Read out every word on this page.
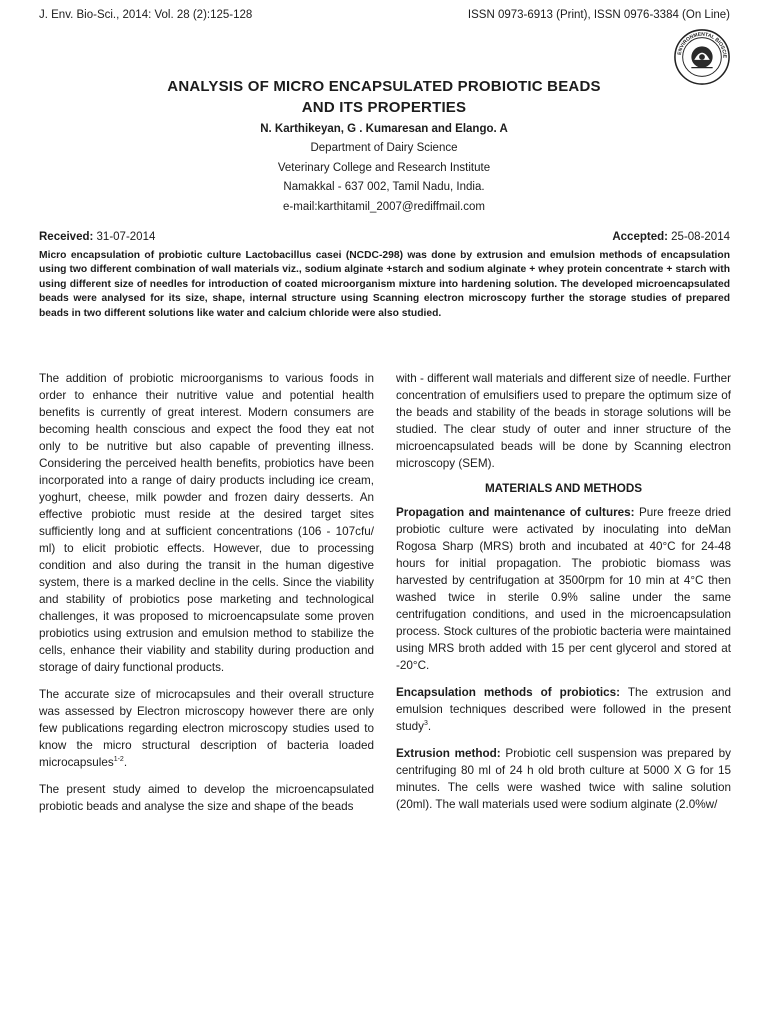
J. Env. Bio-Sci., 2014: Vol. 28 (2):125-128	ISSN 0973-6913 (Print), ISSN 0976-3384 (On Line)
ENVIRONMENTAL BIOSCIE
ANALYSIS OF MICRO ENCAPSULATED PROBIOTIC BEADS
AND ITS PROPERTIES
N. Karthikeyan, G . Kumaresan and Elango. A
Department of Dairy Science
Veterinary College and Research Institute
Namakkal - 637 002, Tamil Nadu, India.
e-mail:karthitamil_2007@rediffmail.com
Received: 31-07-2014	Accepted: 25-08-2014

Micro encapsulation of probiotic culture Lactobacillus casei (NCDC-298) was done by extrusion and emulsion methods of encapsulation using two different combination of wall materials viz., sodium alginate +starch and sodium alginate + whey protein concentrate + starch with using different size of needles for introduction of coated microorganism mixture into hardening solution. The developed microencapsulated beads were analysed for its size, shape, internal structure using Scanning electron microscopy further the storage studies of prepared beads in two different solutions like water and calcium chloride were also studied.

The addition of probiotic microorganisms to various foods in order to enhance their nutritive value and potential health benefits is currently of great interest. Modern consumers are becoming health conscious and expect the food they eat not only to be nutritive but also capable of preventing illness. Considering the perceived health benefits, probiotics have been incorporated into a range of dairy products including ice cream, yoghurt, cheese, milk powder and frozen dairy desserts. An effective probiotic must reside at the desired target sites sufficiently long and at sufficient concentrations (106 - 107cfu/ ml) to elicit probiotic effects. However, due to processing condition and also during the transit in the human digestive system, there is a marked decline in the cells. Since the viability and stability of probiotics pose marketing and technological challenges, it was proposed to microencapsulate some proven probiotics using extrusion and emulsion method to stabilize the cells, enhance their viability and stability during production and storage of dairy functional products.

The accurate size of microcapsules and their overall structure was assessed by Electron microscopy however there are only few publications regarding electron microscopy studies used to know the micro structural description of bacteria loaded microcapsules$^{1-2}$.

The present study aimed to develop the microencapsulated probiotic beads and analyse the size and shape of the beads

with - different wall materials and different size of needle. Further concentration of emulsifiers used to prepare the optimum size of the beads and stability of the beads in storage solutions will be studied. The clear study of outer and inner structure of the microencapsulated beads will be done by Scanning electron microscopy (SEM).

MATERIALS AND METHODS

Propagation and maintenance of cultures: Pure freeze dried probiotic culture were activated by inoculating into deMan Rogosa Sharp (MRS) broth and incubated at 40°C for 24-48 hours for initial propagation. The probiotic biomass was harvested by centrifugation at 3500rpm for 10 min at 4°C then washed twice in sterile 0.9% saline under the same centrifugation conditions, and used in the microencapsulation process. Stock cultures of the probiotic bacteria were maintained using MRS broth added with 15 per cent glycerol and stored at -20°C.

Encapsulation methods of probiotics: The extrusion and emulsion techniques described were followed in the present study$^3$.

Extrusion method: Probiotic cell suspension was prepared by centrifuging 80 ml of 24 h old broth culture at 5000 X G for 15 minutes. The cells were washed twice with saline solution (20ml). The wall materials used were sodium alginate (2.0%w/
